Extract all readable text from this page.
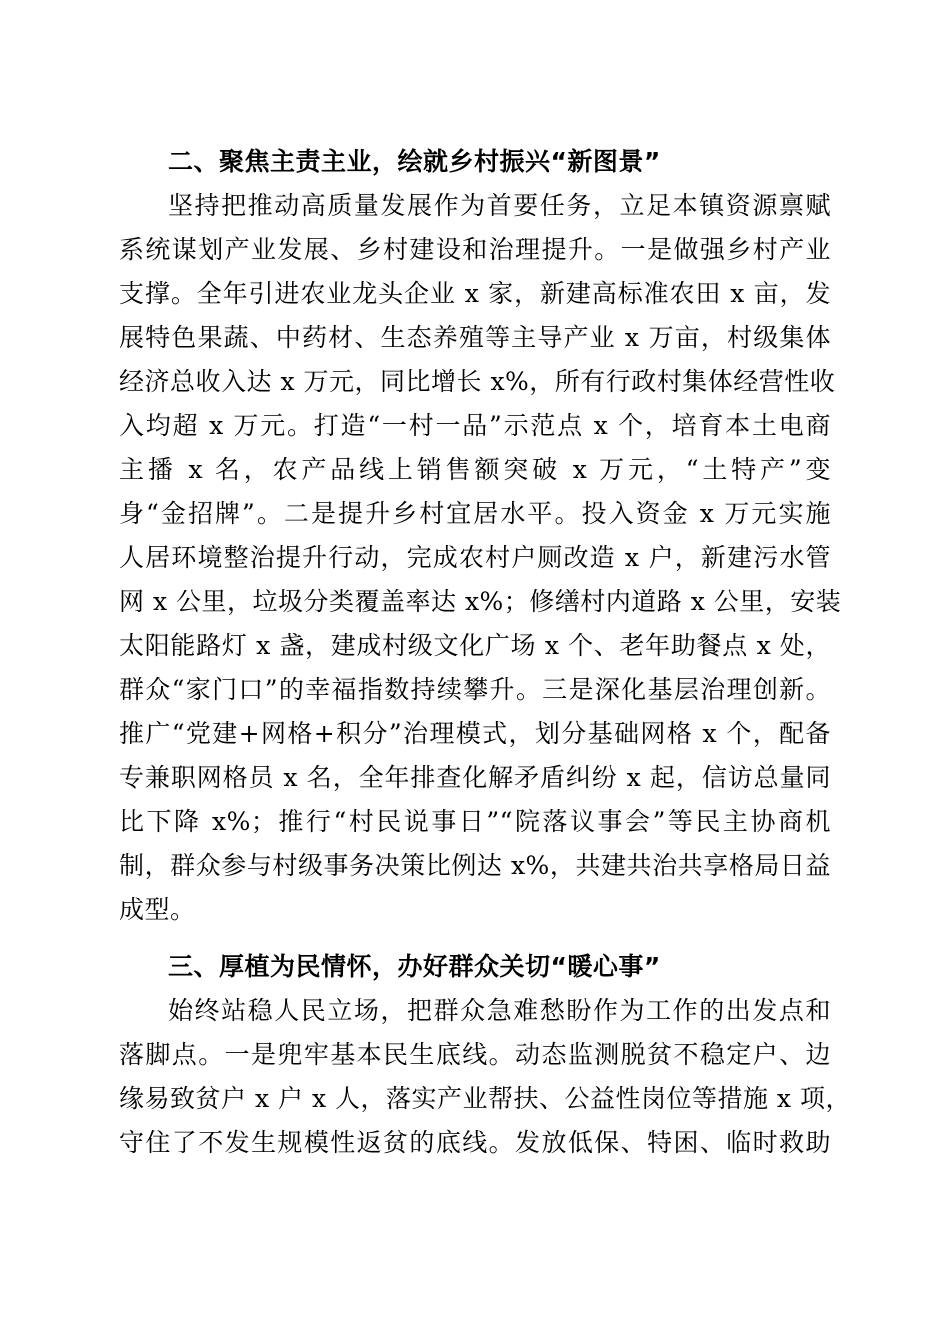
二、聚焦主责主业，绘就乡村振兴“新图景”
坚持把推动高质量发展作为首要任务，立足本镇资源禀赋
系统谋划产业发展、乡村建设和治理提升。一是做强乡村产业
支撑。全年引进农业龙头企业 x 家，新建高标准农田 x 亩，发
展特色果蔬、中药材、生态养殖等主导产业 x 万亩，村级集体
经济总收入达 x 万元，同比增长 x%，所有行政村集体经营性收
入均超 x 万元。打造“一村一品”示范点 x 个，培育本土电商
主播 x 名，农产品线上销售额突破 x 万元，“土特产”变
身“金招牌”。二是提升乡村宜居水平。投入资金 x 万元实施
人居环境整治提升行动，完成农村户厕改造 x 户，新建污水管
网 x 公里，垃圾分类覆盖率达 x%；修缮村内道路 x 公里，安装
太阳能路灯 x 盏，建成村级文化广场 x 个、老年助餐点 x 处，
群众“家门口”的幸福指数持续攀升。三是深化基层治理创新。
推广“党建+网格+积分”治理模式，划分基础网格 x 个，配备
专兼职网格员 x 名，全年排查化解矛盾纠纷 x 起，信访总量同
比下降 x%；推行“村民说事日”“院落议事会”等民主协商机
制，群众参与村级事务决策比例达 x%，共建共治共享格局日益
成型。
三、厚植为民情怀，办好群众关切“暖心事”
始终站稳人民立场，把群众急难愁盼作为工作的出发点和
落脚点。一是兜牢基本民生底线。动态监测脱贫不稳定户、边
缘易致贫户 x 户 x 人，落实产业帮扶、公益性岗位等措施 x 项，
守住了不发生规模性返贫的底线。发放低保、特困、临时救助
